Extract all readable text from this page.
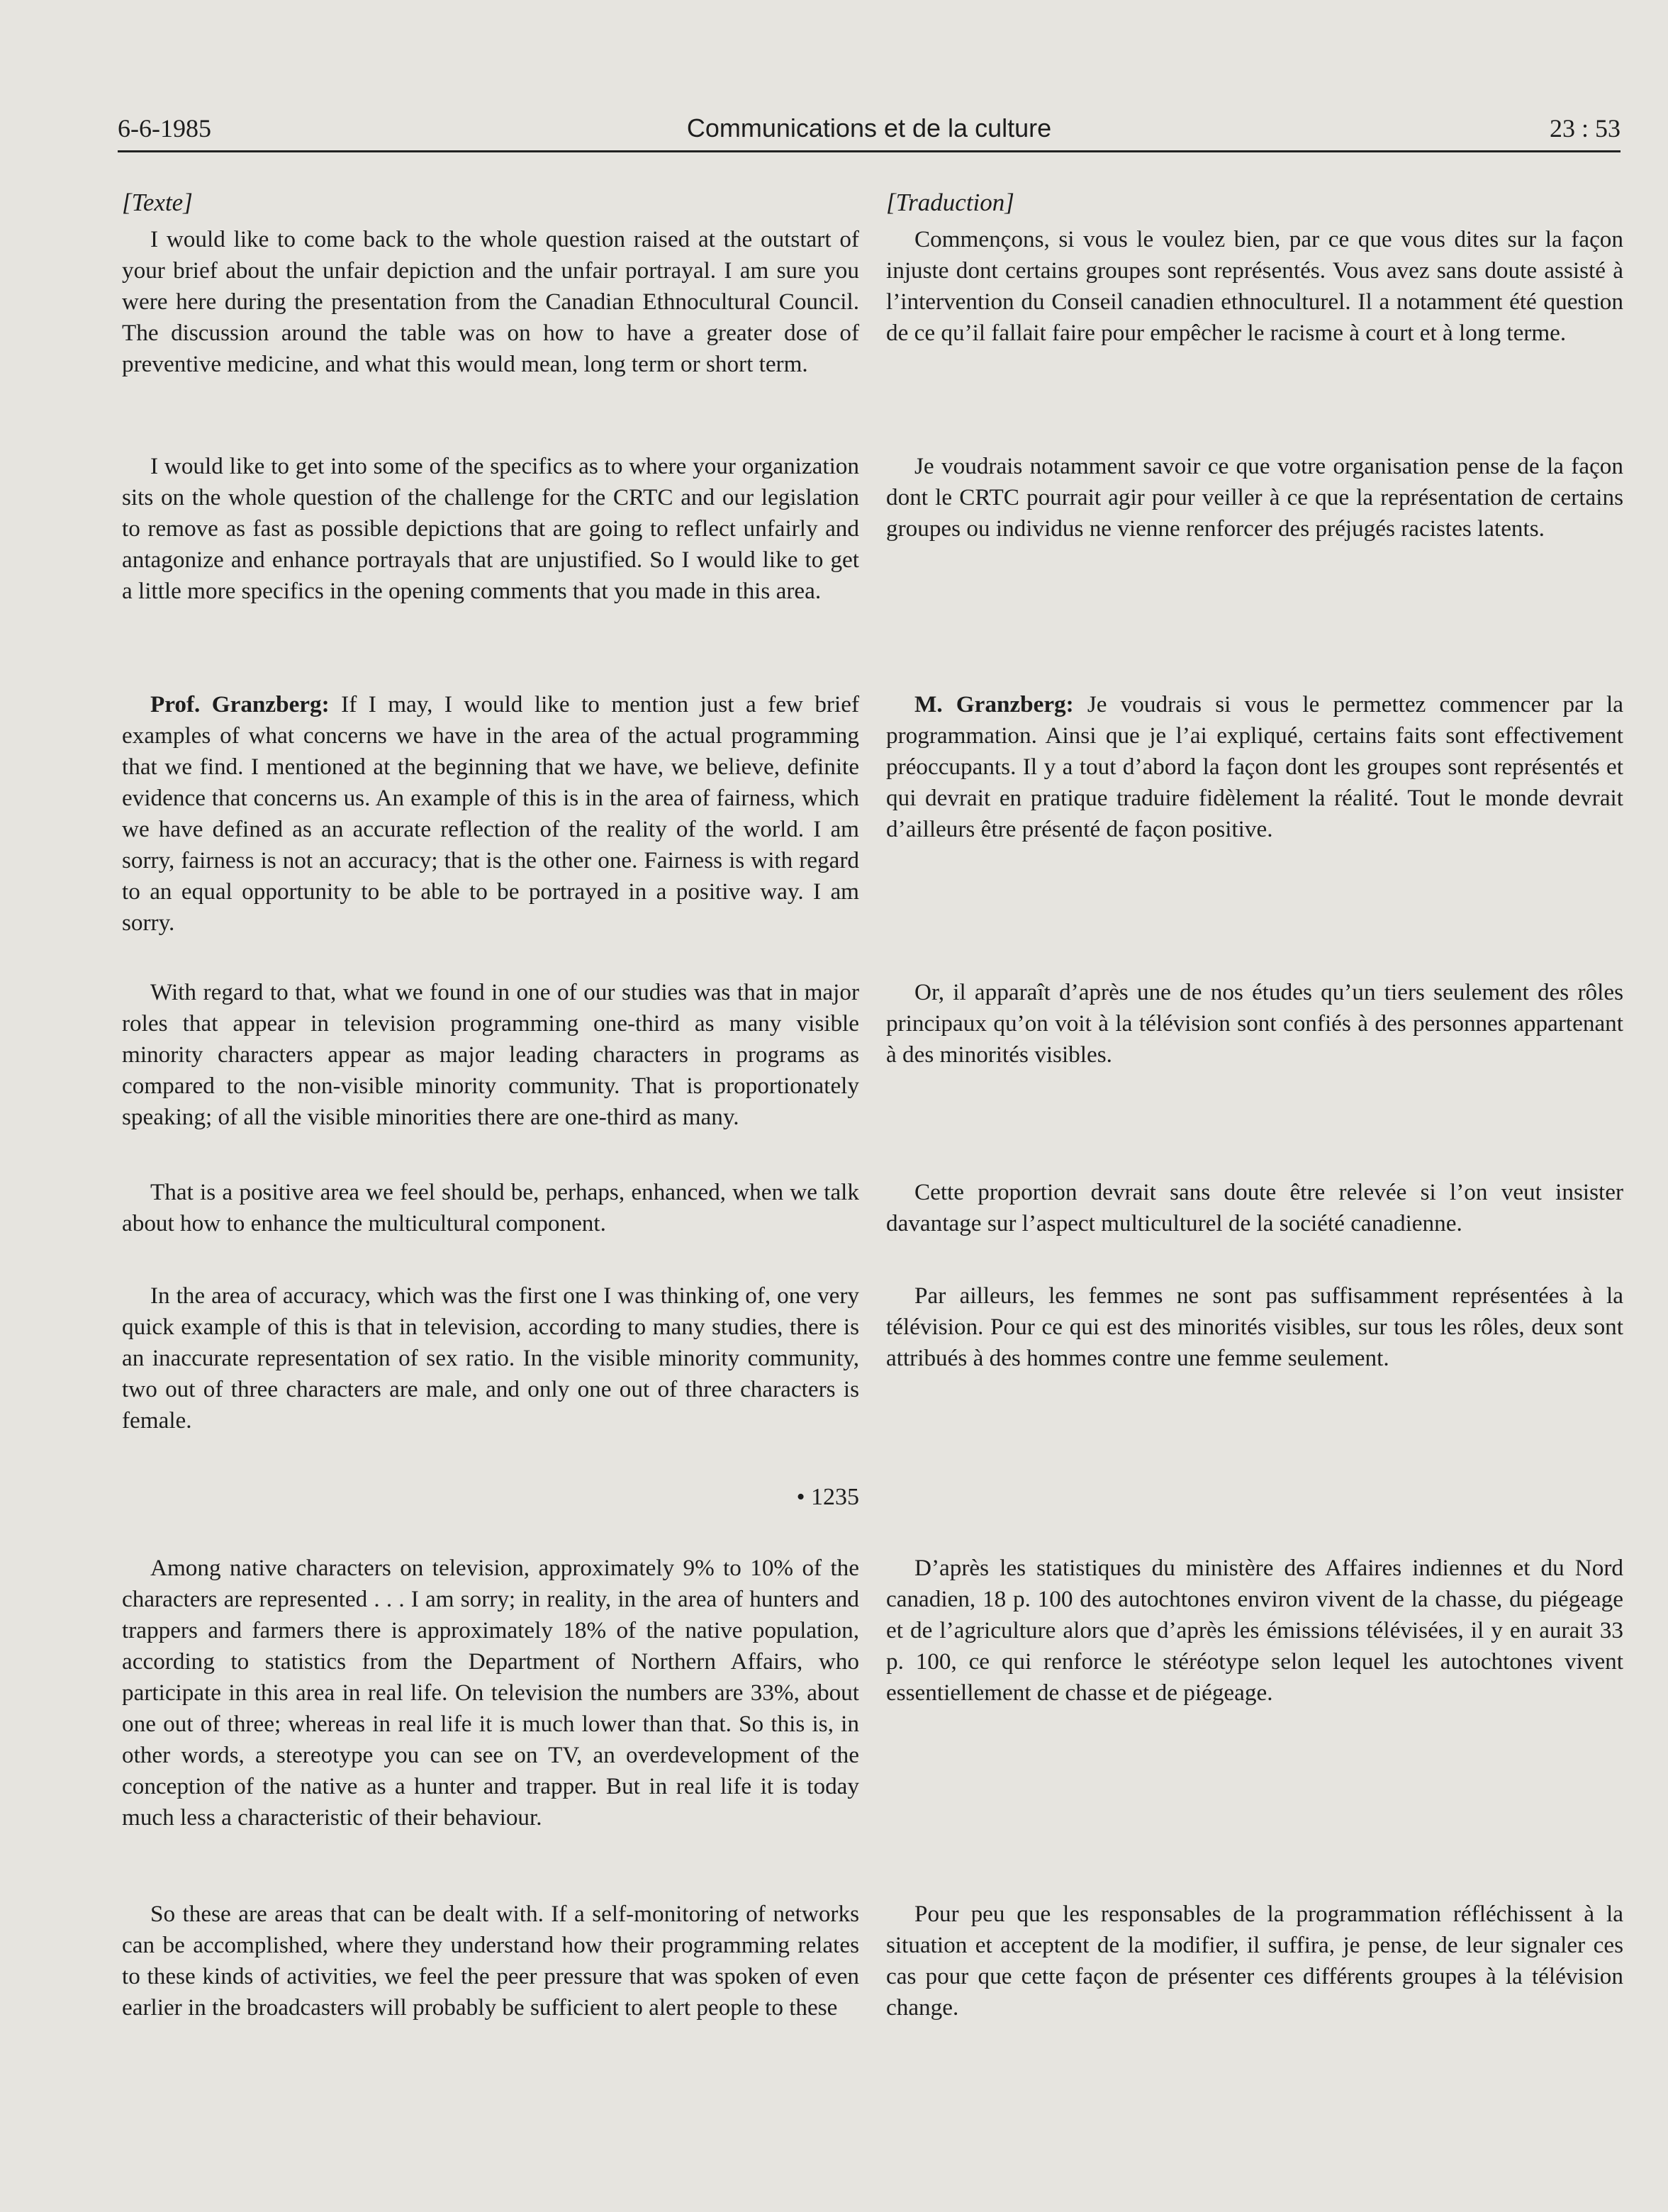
6-6-1985	Communications et de la culture	23 : 53
[Texte]

I would like to come back to the whole question raised at the outstart of your brief about the unfair depiction and the unfair portrayal. I am sure you were here during the presentation from the Canadian Ethnocultural Council. The discussion around the table was on how to have a greater dose of preventive medicine, and what this would mean, long term or short term.

I would like to get into some of the specifics as to where your organization sits on the whole question of the challenge for the CRTC and our legislation to remove as fast as possible depictions that are going to reflect unfairly and antagonize and enhance portrayals that are unjustified. So I would like to get a little more specifics in the opening comments that you made in this area.

Prof. Granzberg: If I may, I would like to mention just a few brief examples of what concerns we have in the area of the actual programming that we find. I mentioned at the beginning that we have, we believe, definite evidence that concerns us. An example of this is in the area of fairness, which we have defined as an accurate reflection of the reality of the world. I am sorry, fairness is not an accuracy; that is the other one. Fairness is with regard to an equal opportunity to be able to be portrayed in a positive way. I am sorry.

With regard to that, what we found in one of our studies was that in major roles that appear in television programming one-third as many visible minority characters appear as major leading characters in programs as compared to the non-visible minority community. That is proportionately speaking; of all the visible minorities there are one-third as many.

That is a positive area we feel should be, perhaps, enhanced, when we talk about how to enhance the multicultural component.

In the area of accuracy, which was the first one I was thinking of, one very quick example of this is that in television, according to many studies, there is an inaccurate representation of sex ratio. In the visible minority community, two out of three characters are male, and only one out of three characters is female.

• 1235

Among native characters on television, approximately 9% to 10% of the characters are represented . . . I am sorry; in reality, in the area of hunters and trappers and farmers there is approximately 18% of the native population, according to statistics from the Department of Northern Affairs, who participate in this area in real life. On television the numbers are 33%, about one out of three; whereas in real life it is much lower than that. So this is, in other words, a stereotype you can see on TV, an overdevelopment of the conception of the native as a hunter and trapper. But in real life it is today much less a characteristic of their behaviour.

So these are areas that can be dealt with. If a self-monitoring of networks can be accomplished, where they understand how their programming relates to these kinds of activities, we feel the peer pressure that was spoken of even earlier in the broadcasters will probably be sufficient to alert people to these

[Traduction]

Commençons, si vous le voulez bien, par ce que vous dites sur la façon injuste dont certains groupes sont représentés. Vous avez sans doute assisté à l’intervention du Conseil canadien ethnoculturel. Il a notamment été question de ce qu’il fallait faire pour empêcher le racisme à court et à long terme.

Je voudrais notamment savoir ce que votre organisation pense de la façon dont le CRTC pourrait agir pour veiller à ce que la représentation de certains groupes ou individus ne vienne renforcer des préjugés racistes latents.

M. Granzberg: Je voudrais si vous le permettez commencer par la programmation. Ainsi que je l’ai expliqué, certains faits sont effectivement préoccupants. Il y a tout d’abord la façon dont les groupes sont représentés et qui devrait en pratique traduire fidèlement la réalité. Tout le monde devrait d’ailleurs être présenté de façon positive.

Or, il apparaît d’après une de nos études qu’un tiers seulement des rôles principaux qu’on voit à la télévision sont confiés à des personnes appartenant à des minorités visibles.

Cette proportion devrait sans doute être relevée si l’on veut insister davantage sur l’aspect multiculturel de la société canadienne.

Par ailleurs, les femmes ne sont pas suffisamment représentées à la télévision. Pour ce qui est des minorités visibles, sur tous les rôles, deux sont attribués à des hommes contre une femme seulement.

D’après les statistiques du ministère des Affaires indiennes et du Nord canadien, 18 p. 100 des autochtones environ vivent de la chasse, du piégeage et de l’agriculture alors que d’après les émissions télévisées, il y en aurait 33 p. 100, ce qui renforce le stéréotype selon lequel les autochtones vivent essentiellement de chasse et de piégeage.

Pour peu que les responsables de la programmation réfléchissent à la situation et acceptent de la modifier, il suffira, je pense, de leur signaler ces cas pour que cette façon de présenter ces différents groupes à la télévision change.
